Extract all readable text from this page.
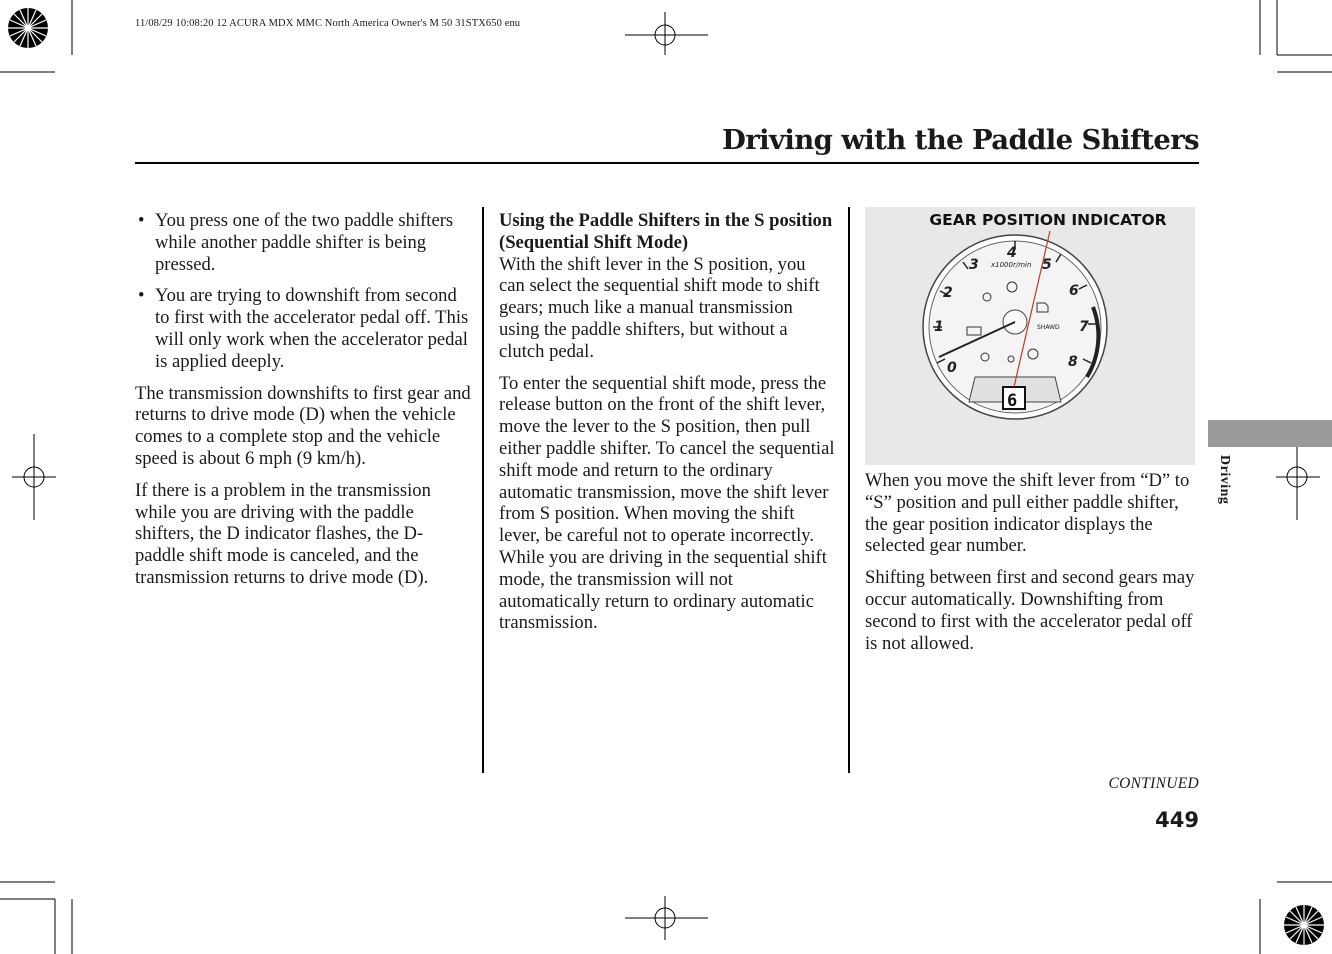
11/08/29 10:08:20 12 ACURA MDX MMC North America Owner's M 50 31STX650 enu
Driving with the Paddle Shifters
• You press one of the two paddle shifters while another paddle shifter is being pressed.
• You are trying to downshift from second to first with the accelerator pedal off. This will only work when the accelerator pedal is applied deeply.

The transmission downshifts to first gear and returns to drive mode (D) when the vehicle comes to a complete stop and the vehicle speed is about 6 mph (9 km/h).

If there is a problem in the transmission while you are driving with the paddle shifters, the D indicator flashes, the D-paddle shift mode is canceled, and the transmission returns to drive mode (D).

Using the Paddle Shifters in the S position (Sequential Shift Mode)
With the shift lever in the S position, you can select the sequential shift mode to shift gears; much like a manual transmission using the paddle shifters, but without a clutch pedal.

To enter the sequential shift mode, press the release button on the front of the shift lever, move the lever to the S position, then pull either paddle shifter. To cancel the sequential shift mode and return to the ordinary automatic transmission, move the shift lever from S position. When moving the shift lever, be careful not to operate incorrectly. While you are driving in the sequential shift mode, the transmission will not automatically return to ordinary automatic transmission.

GEAR POSITION INDICATOR
0
1
2
3
4
5
6
7
8
x1000r/min
SHAWD
6

When you move the shift lever from “D” to “S” position and pull either paddle shifter, the gear position indicator displays the selected gear number.

Shifting between first and second gears may occur automatically. Downshifting from second to first with the accelerator pedal off is not allowed.

Driving
CONTINUED
449
